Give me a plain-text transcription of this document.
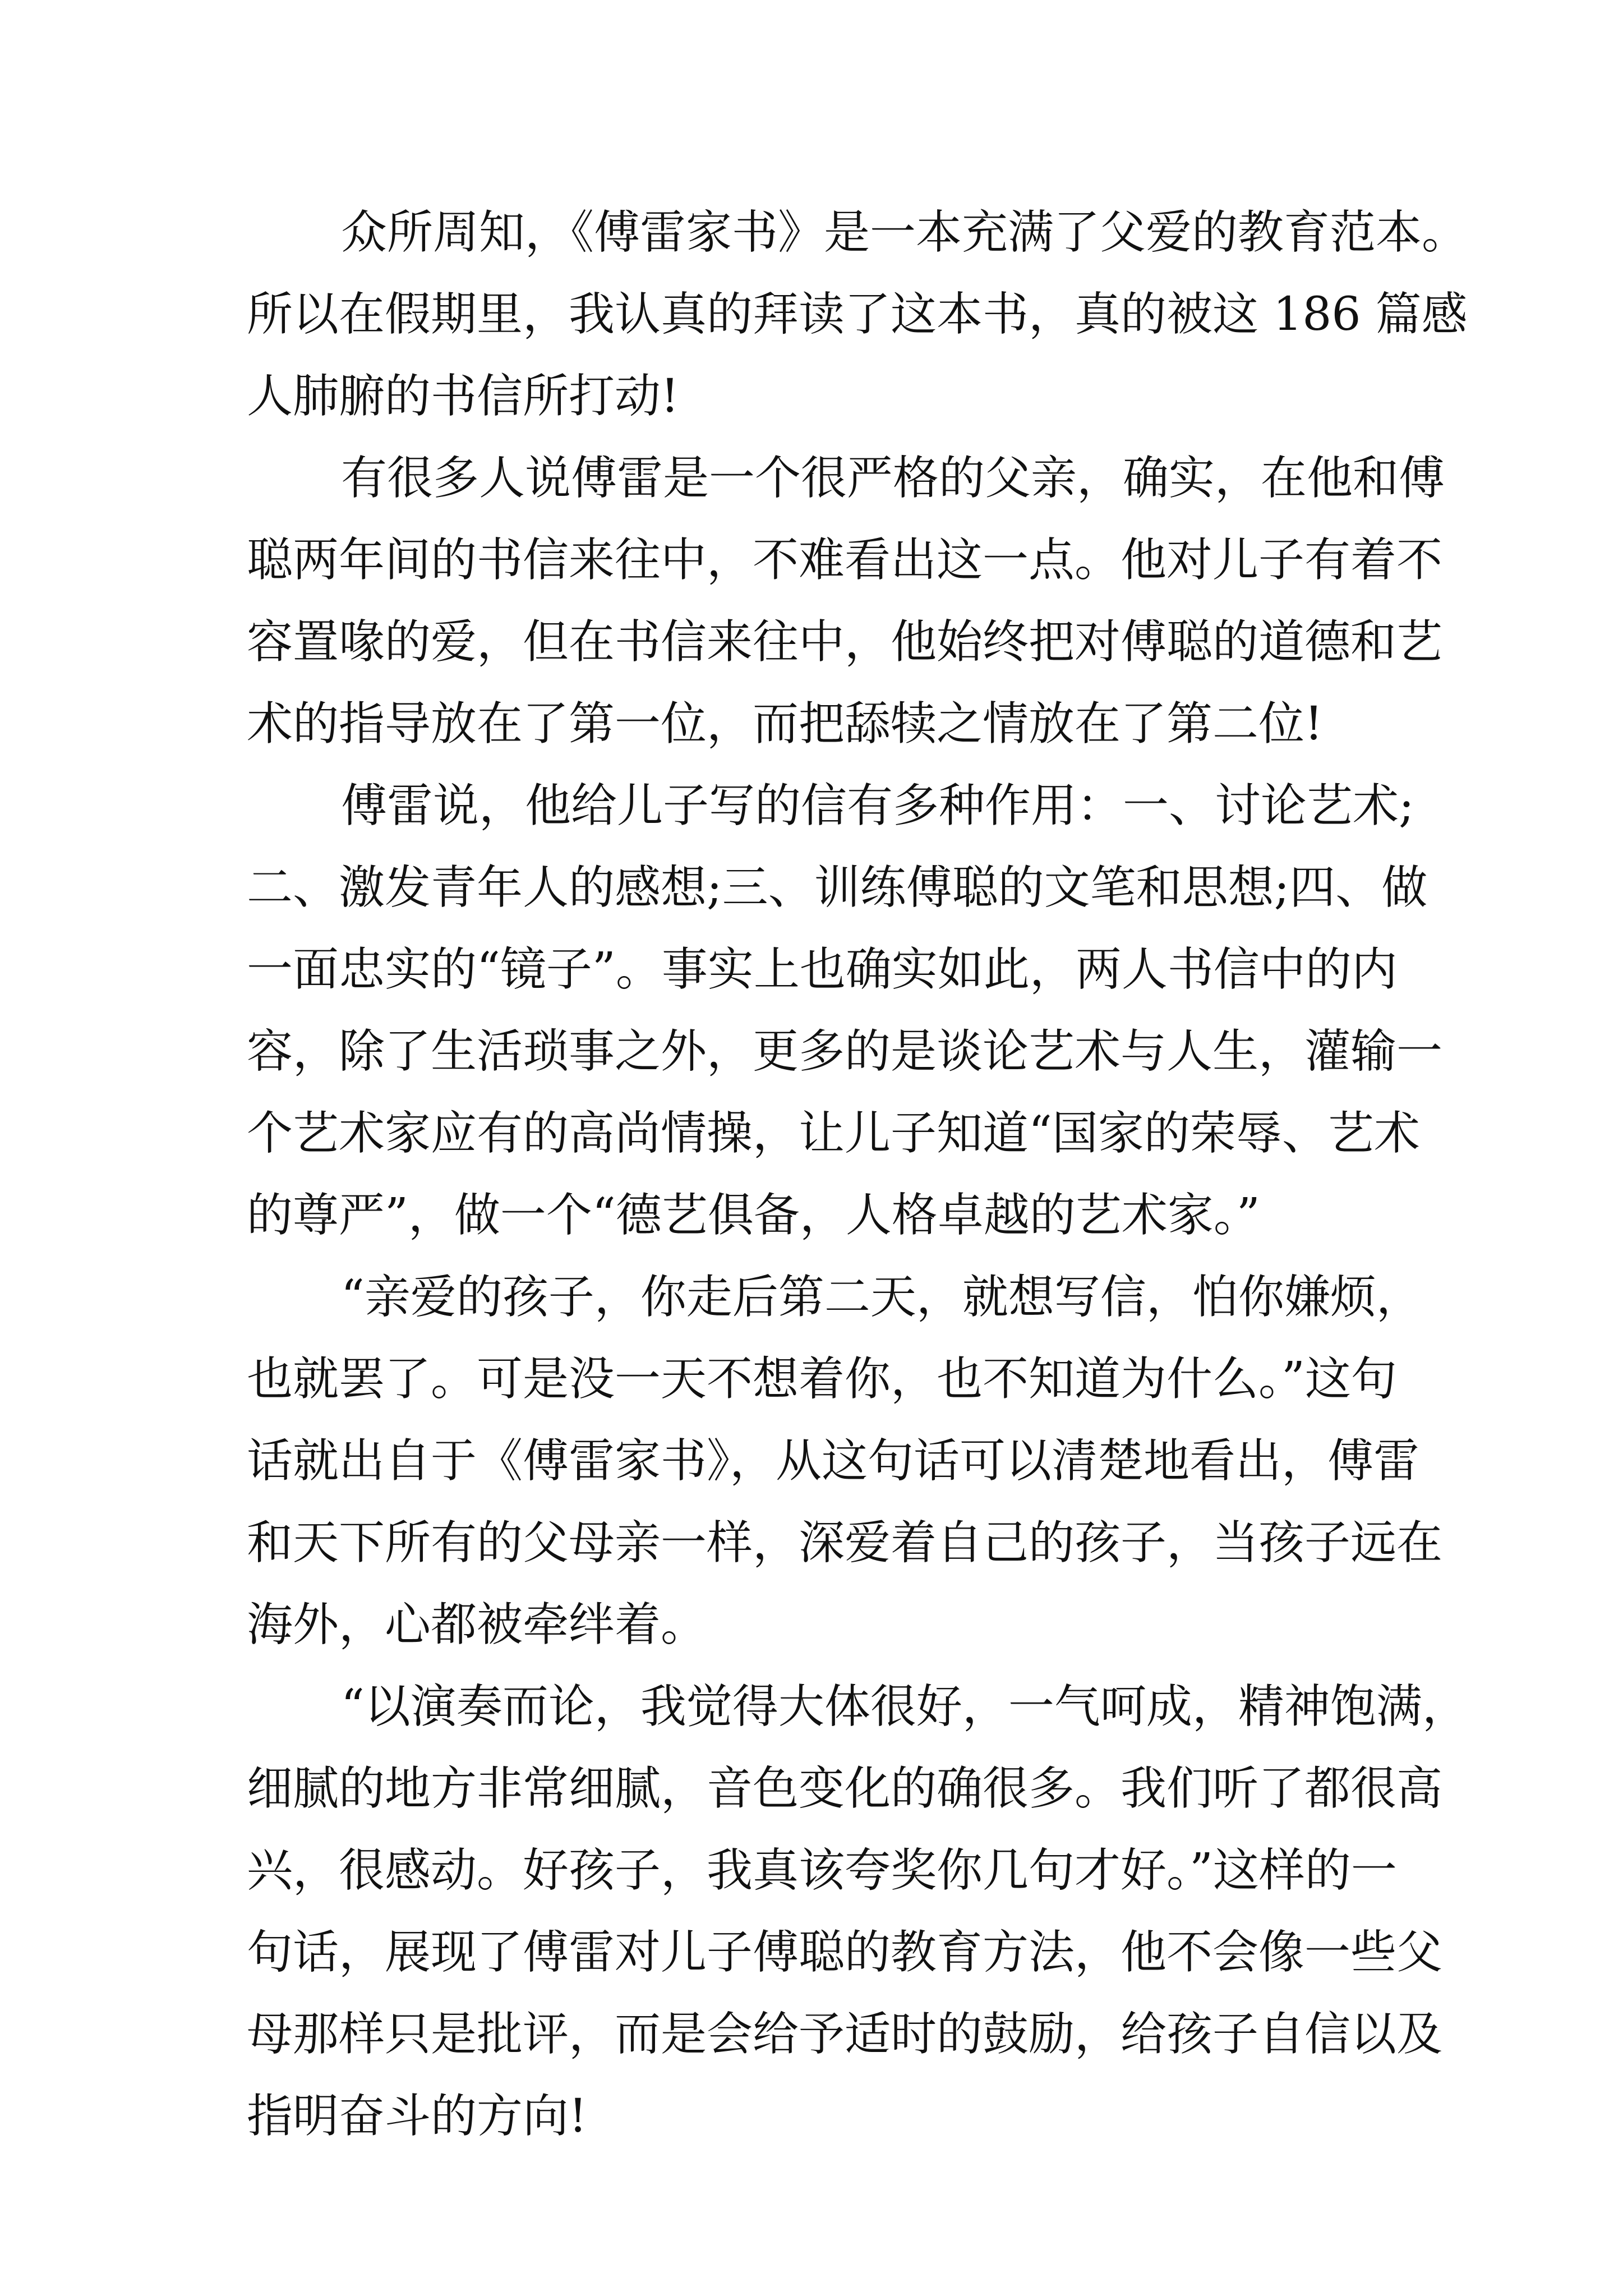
众所周知，《傅雷家书》是一本充满了父爱的教育范本。
所以在假期里，我认真的拜读了这本书，真的被这 186 篇感
人肺腑的书信所打动!
有很多人说傅雷是一个很严格的父亲，确实，在他和傅
聪两年间的书信来往中，不难看出这一点。他对儿子有着不
容置喙的爱，但在书信来往中，他始终把对傅聪的道德和艺
术的指导放在了第一位，而把舔犊之情放在了第二位!
傅雷说，他给儿子写的信有多种作用：一、讨论艺术;
二、激发青年人的感想;三、训练傅聪的文笔和思想;四、做
一面忠实的“镜子”。事实上也确实如此，两人书信中的内
容，除了生活琐事之外，更多的是谈论艺术与人生，灌输一
个艺术家应有的高尚情操，让儿子知道“国家的荣辱、艺术
的尊严”，做一个“德艺俱备，人格卓越的艺术家。”
“亲爱的孩子，你走后第二天，就想写信，怕你嫌烦，
也就罢了。可是没一天不想着你，也不知道为什么。”这句
话就出自于《傅雷家书》，从这句话可以清楚地看出，傅雷
和天下所有的父母亲一样，深爱着自己的孩子，当孩子远在
海外，心都被牵绊着。
“以演奏而论，我觉得大体很好，一气呵成，精神饱满，
细腻的地方非常细腻，音色变化的确很多。我们听了都很高
兴，很感动。好孩子，我真该夸奖你几句才好。”这样的一
句话，展现了傅雷对儿子傅聪的教育方法，他不会像一些父
母那样只是批评，而是会给予适时的鼓励，给孩子自信以及
指明奋斗的方向!
